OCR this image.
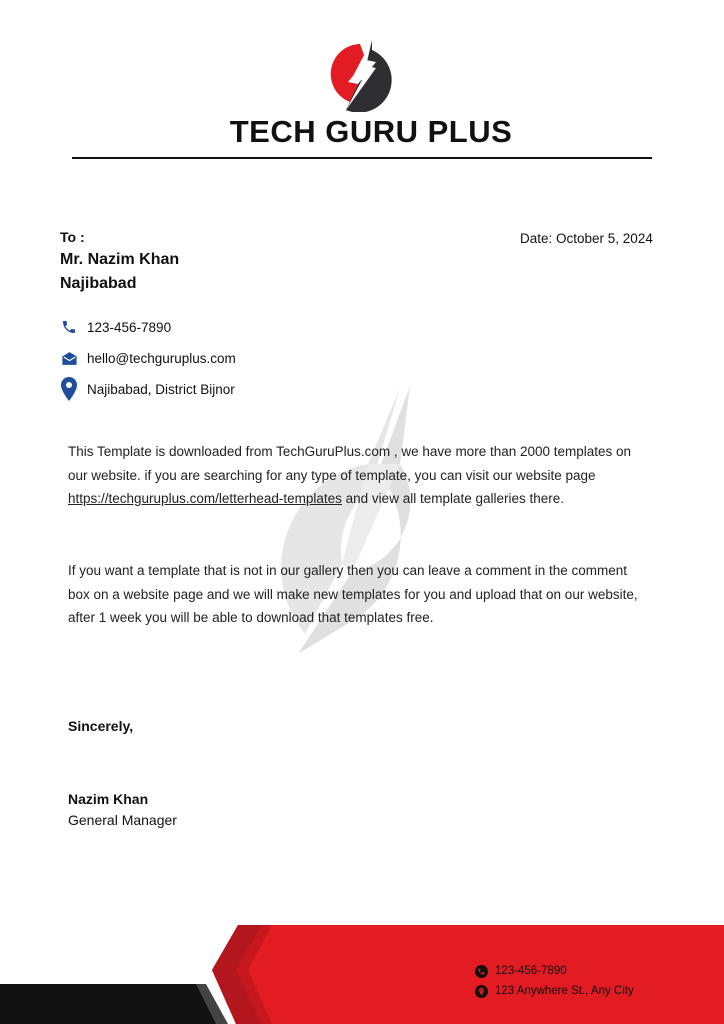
TECH GURU PLUS
To :
Mr. Nazim Khan
Najibabad
Date: October 5, 2024
123-456-7890
hello@techguruplus.com
Najibabad, District Bijnor
This Template is downloaded from TechGuruPlus.com , we have more than 2000 templates on our website. if you are searching for any type of template, you can visit our website page https://techguruplus.com/letterhead-templates and view all template galleries there.
If you want a template that is not in our gallery then you can leave a comment in the comment box on a website page and we will make new templates for you and upload that on our website, after 1 week you will be able to download that templates free.
Sincerely,
Nazim Khan
General Manager
123-456-7890
123 Anywhere St., Any City
